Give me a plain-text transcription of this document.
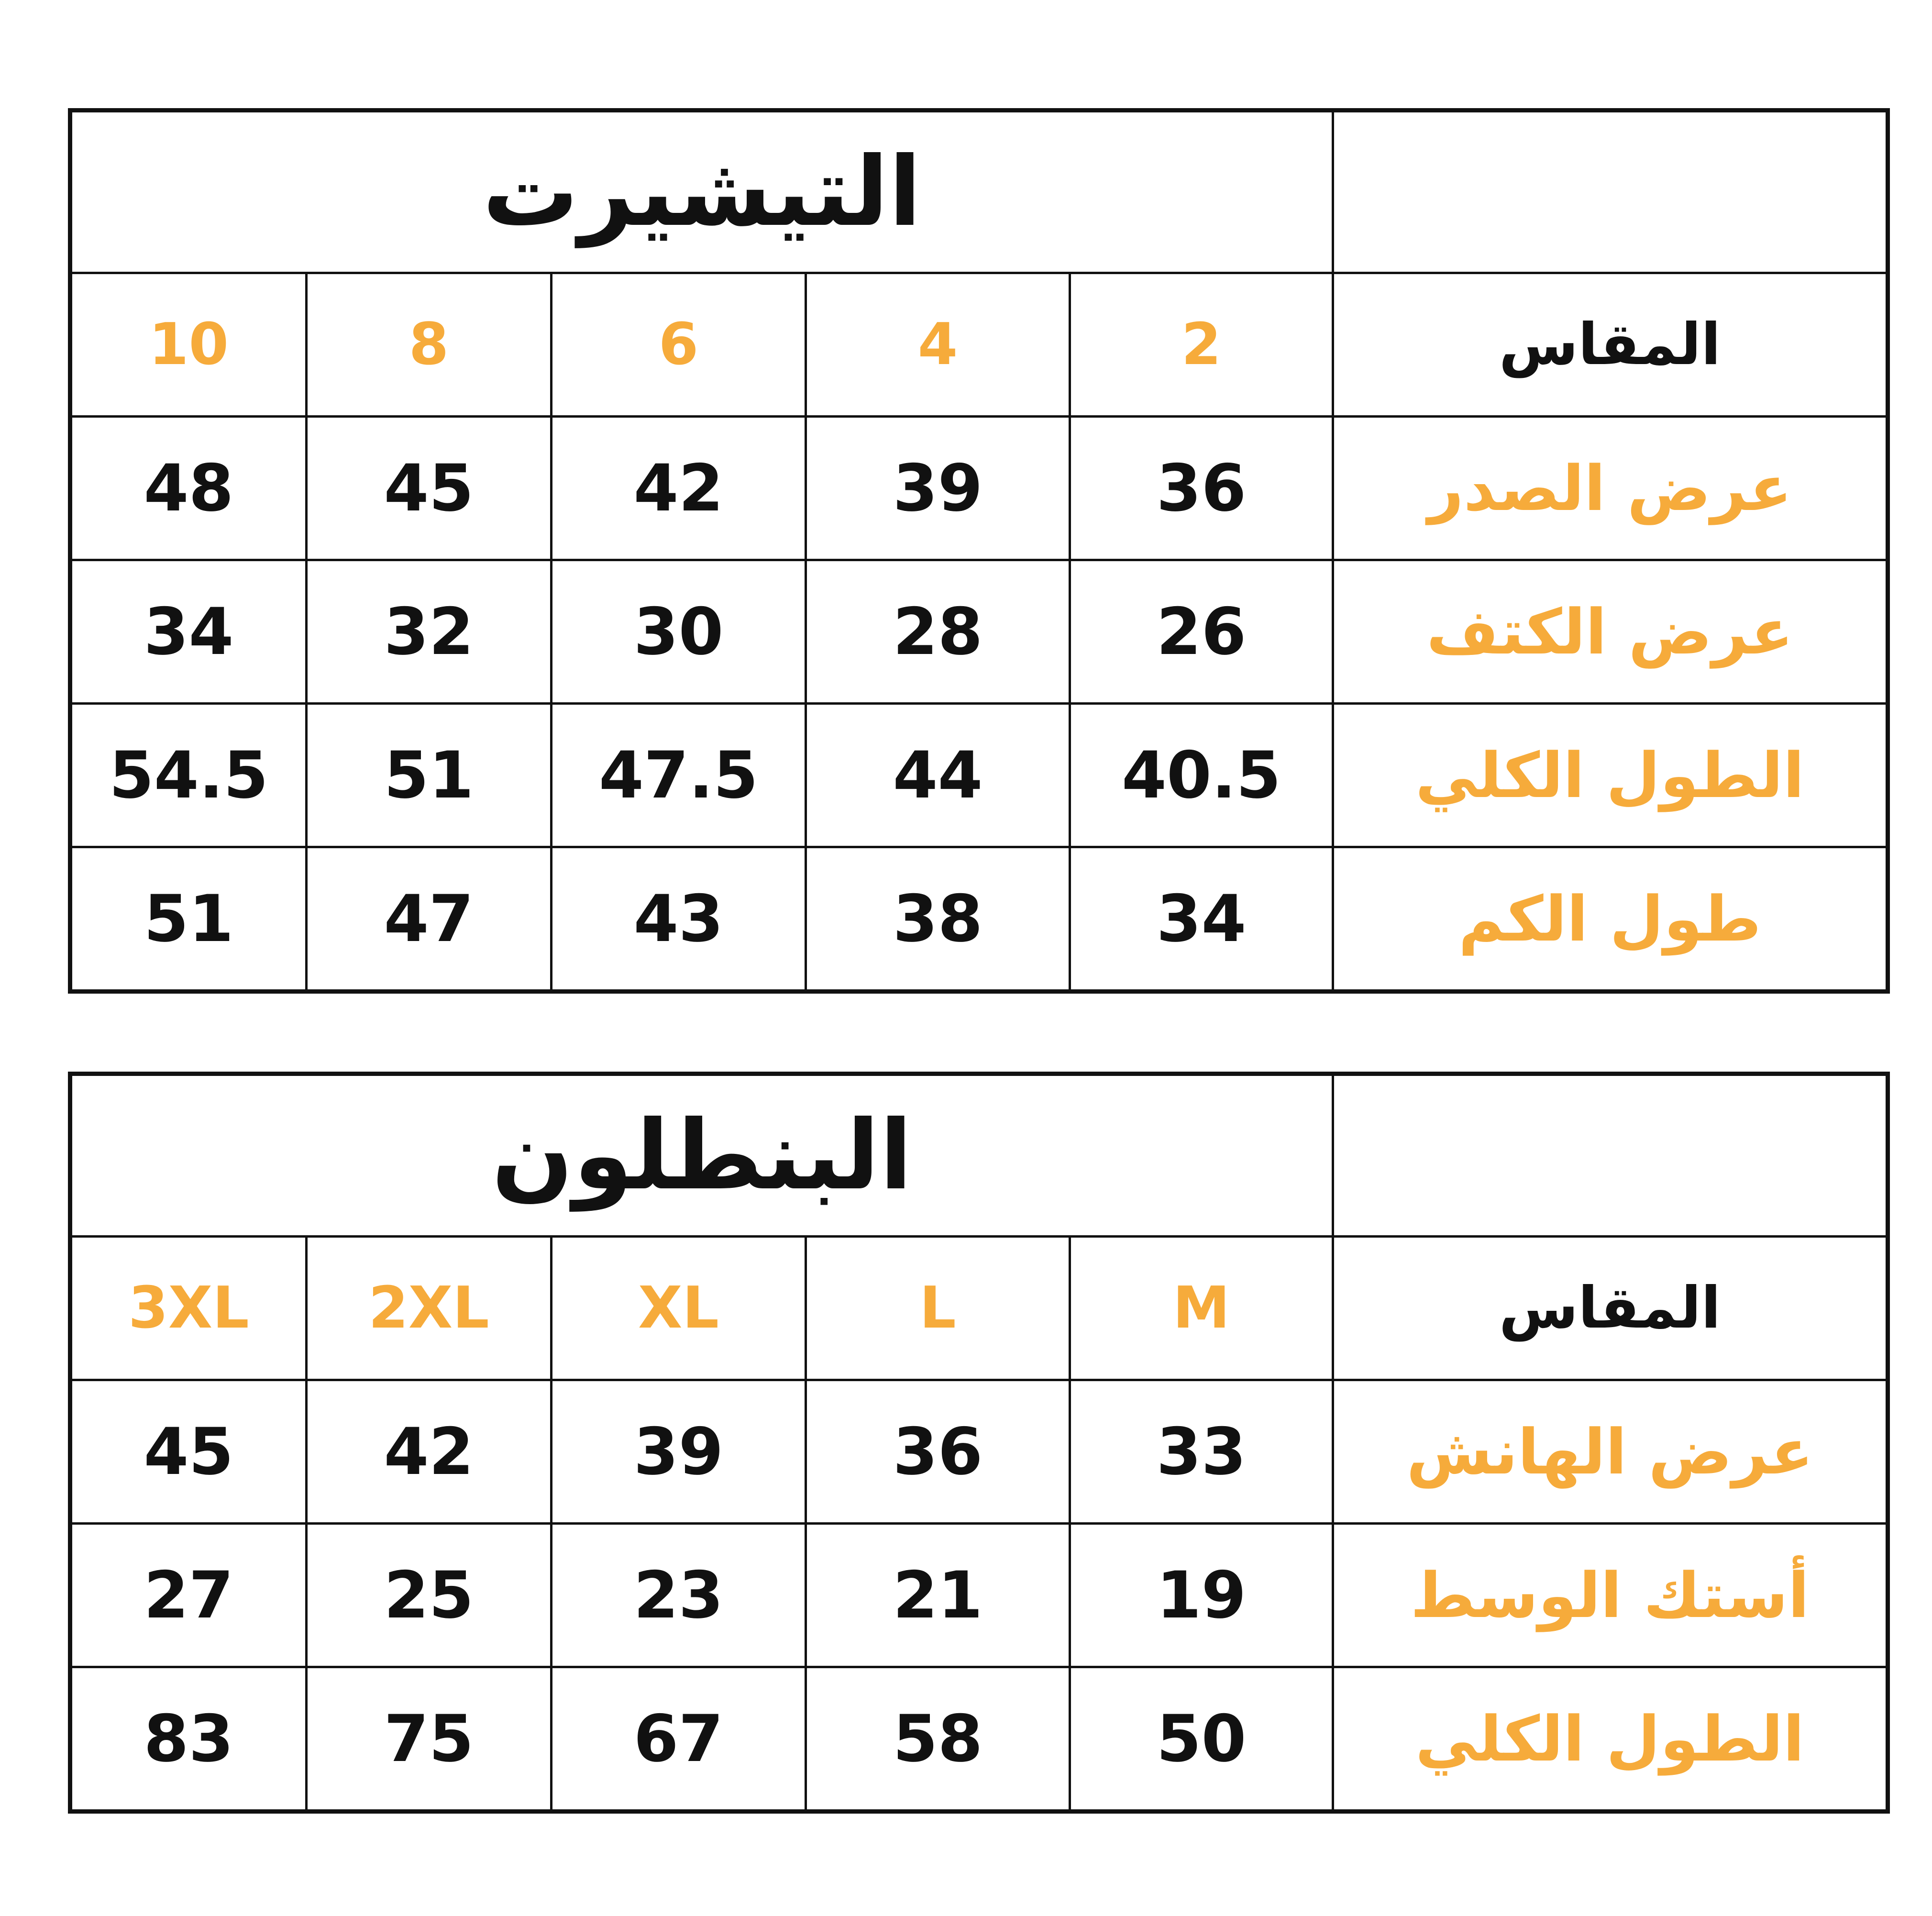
	التيشيرت				
المقاس	2	4	6	8	10
عرض الصدر	36	39	42	45	48
عرض الكتف	26	28	30	32	34
الطول الكلي	40.5	44	47.5	51	54.5
طول الكم	34	38	43	47	51
	البنطلون				
المقاس	M	L	XL	2XL	3XL
عرض الهانش	33	36	39	42	45
أستك الوسط	19	21	23	25	27
الطول الكلي	50	58	67	75	83
